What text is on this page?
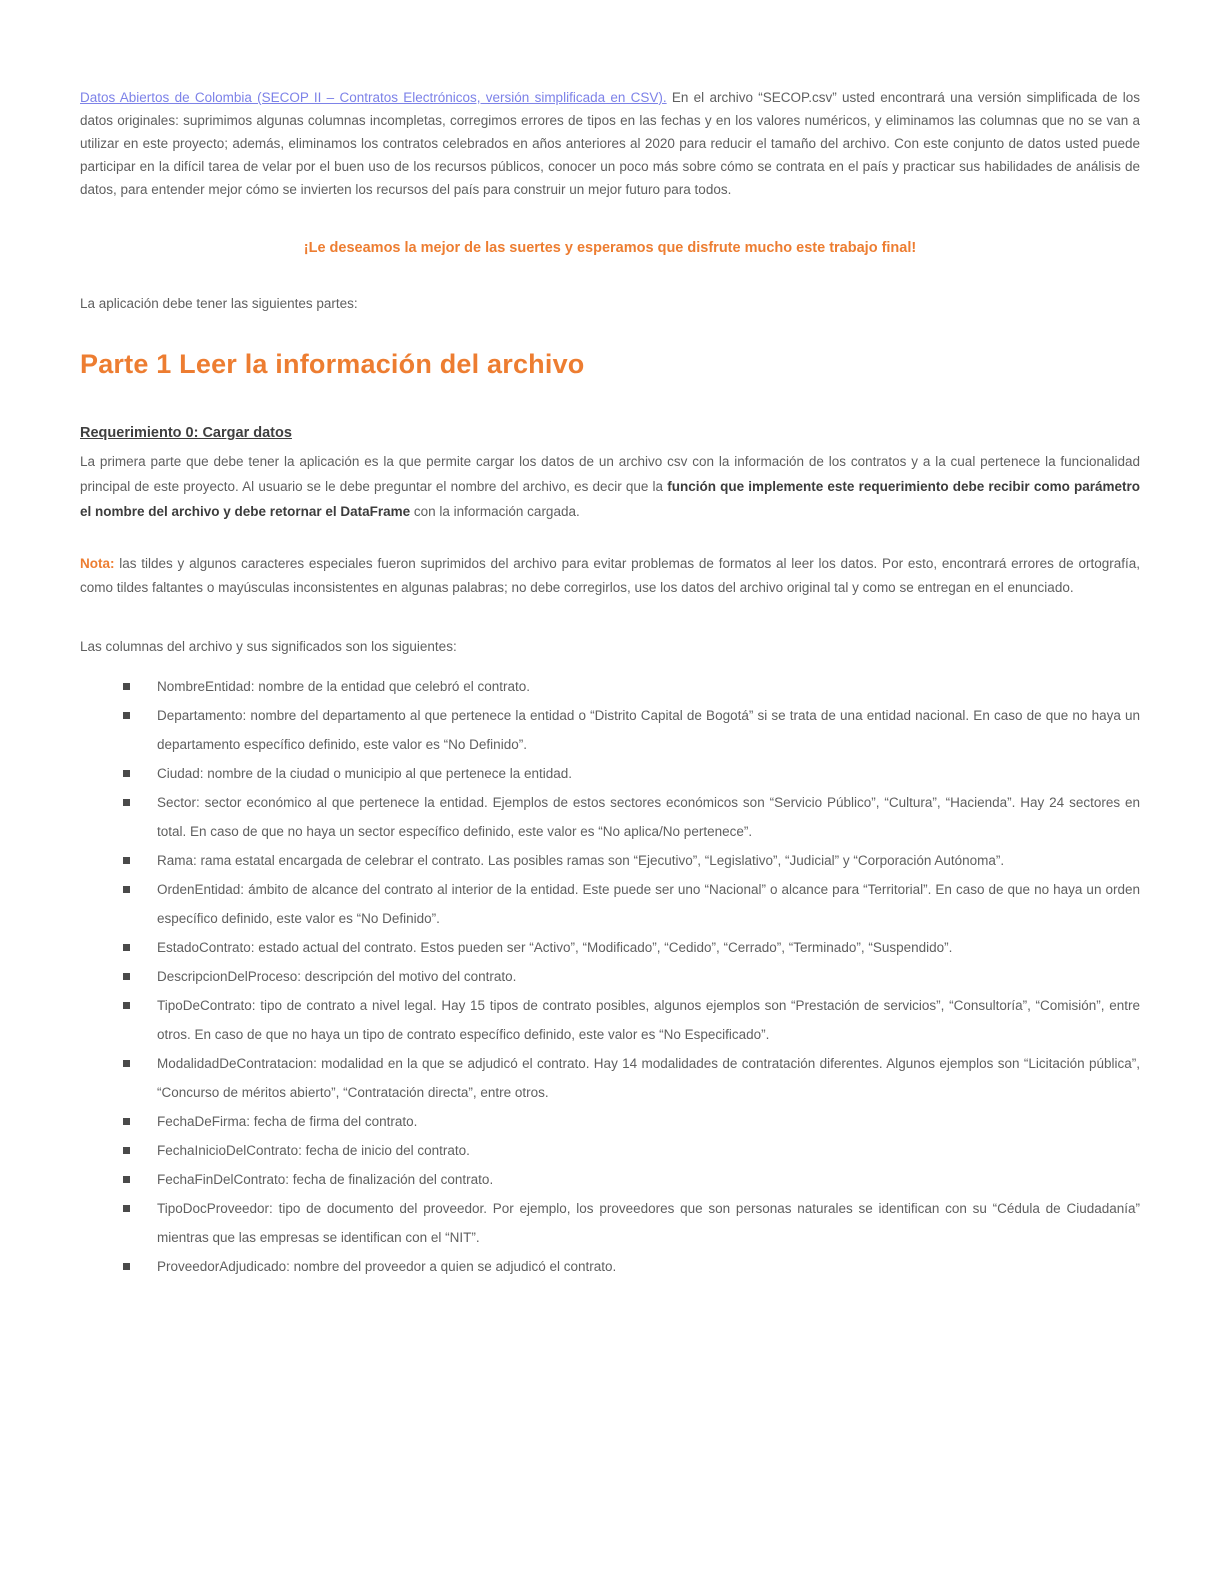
Datos Abiertos de Colombia (SECOP II – Contratos Electrónicos, versión simplificada en CSV). En el archivo “SECOP.csv” usted encontrará una versión simplificada de los datos originales: suprimimos algunas columnas incompletas, corregimos errores de tipos en las fechas y en los valores numéricos, y eliminamos las columnas que no se van a utilizar en este proyecto; además, eliminamos los contratos celebrados en años anteriores al 2020 para reducir el tamaño del archivo. Con este conjunto de datos usted puede participar en la difícil tarea de velar por el buen uso de los recursos públicos, conocer un poco más sobre cómo se contrata en el país y practicar sus habilidades de análisis de datos, para entender mejor cómo se invierten los recursos del país para construir un mejor futuro para todos.

¡Le deseamos la mejor de las suertes y esperamos que disfrute mucho este trabajo final!

La aplicación debe tener las siguientes partes:

Parte 1 Leer la información del archivo
Requerimiento 0: Cargar datos

La primera parte que debe tener la aplicación es la que permite cargar los datos de un archivo csv con la información de los contratos y a la cual pertenece la funcionalidad principal de este proyecto. Al usuario se le debe preguntar el nombre del archivo, es decir que la función que implemente este requerimiento debe recibir como parámetro el nombre del archivo y debe retornar el DataFrame con la información cargada.

Nota: las tildes y algunos caracteres especiales fueron suprimidos del archivo para evitar problemas de formatos al leer los datos. Por esto, encontrará errores de ortografía, como tildes faltantes o mayúsculas inconsistentes en algunas palabras; no debe corregirlos, use los datos del archivo original tal y como se entregan en el enunciado.

Las columnas del archivo y sus significados son los siguientes:

NombreEntidad: nombre de la entidad que celebró el contrato.
Departamento: nombre del departamento al que pertenece la entidad o “Distrito Capital de Bogotá” si se trata de una entidad nacional. En caso de que no haya un departamento específico definido, este valor es “No Definido”.
Ciudad: nombre de la ciudad o municipio al que pertenece la entidad.
Sector: sector económico al que pertenece la entidad. Ejemplos de estos sectores económicos son “Servicio Público”, “Cultura”, “Hacienda”. Hay 24 sectores en total. En caso de que no haya un sector específico definido, este valor es “No aplica/No pertenece”.
Rama: rama estatal encargada de celebrar el contrato. Las posibles ramas son “Ejecutivo”, “Legislativo”, “Judicial” y “Corporación Autónoma”.
OrdenEntidad: ámbito de alcance del contrato al interior de la entidad. Este puede ser uno “Nacional” o alcance para “Territorial”. En caso de que no haya un orden específico definido, este valor es “No Definido”.
EstadoContrato: estado actual del contrato. Estos pueden ser “Activo”, “Modificado”, “Cedido”, “Cerrado”, “Terminado”, “Suspendido”.
DescripcionDelProceso: descripción del motivo del contrato.
TipoDeContrato: tipo de contrato a nivel legal. Hay 15 tipos de contrato posibles, algunos ejemplos son “Prestación de servicios”, “Consultoría”, “Comisión”, entre otros. En caso de que no haya un tipo de contrato específico definido, este valor es “No Especificado”.
ModalidadDeContratacion: modalidad en la que se adjudicó el contrato. Hay 14 modalidades de contratación diferentes. Algunos ejemplos son “Licitación pública”, “Concurso de méritos abierto”, “Contratación directa”, entre otros.
FechaDeFirma: fecha de firma del contrato.
FechaInicioDelContrato: fecha de inicio del contrato.
FechaFinDelContrato: fecha de finalización del contrato.
TipoDocProveedor: tipo de documento del proveedor. Por ejemplo, los proveedores que son personas naturales se identifican con su “Cédula de Ciudadanía” mientras que las empresas se identifican con el “NIT”.
ProveedorAdjudicado: nombre del proveedor a quien se adjudicó el contrato.
